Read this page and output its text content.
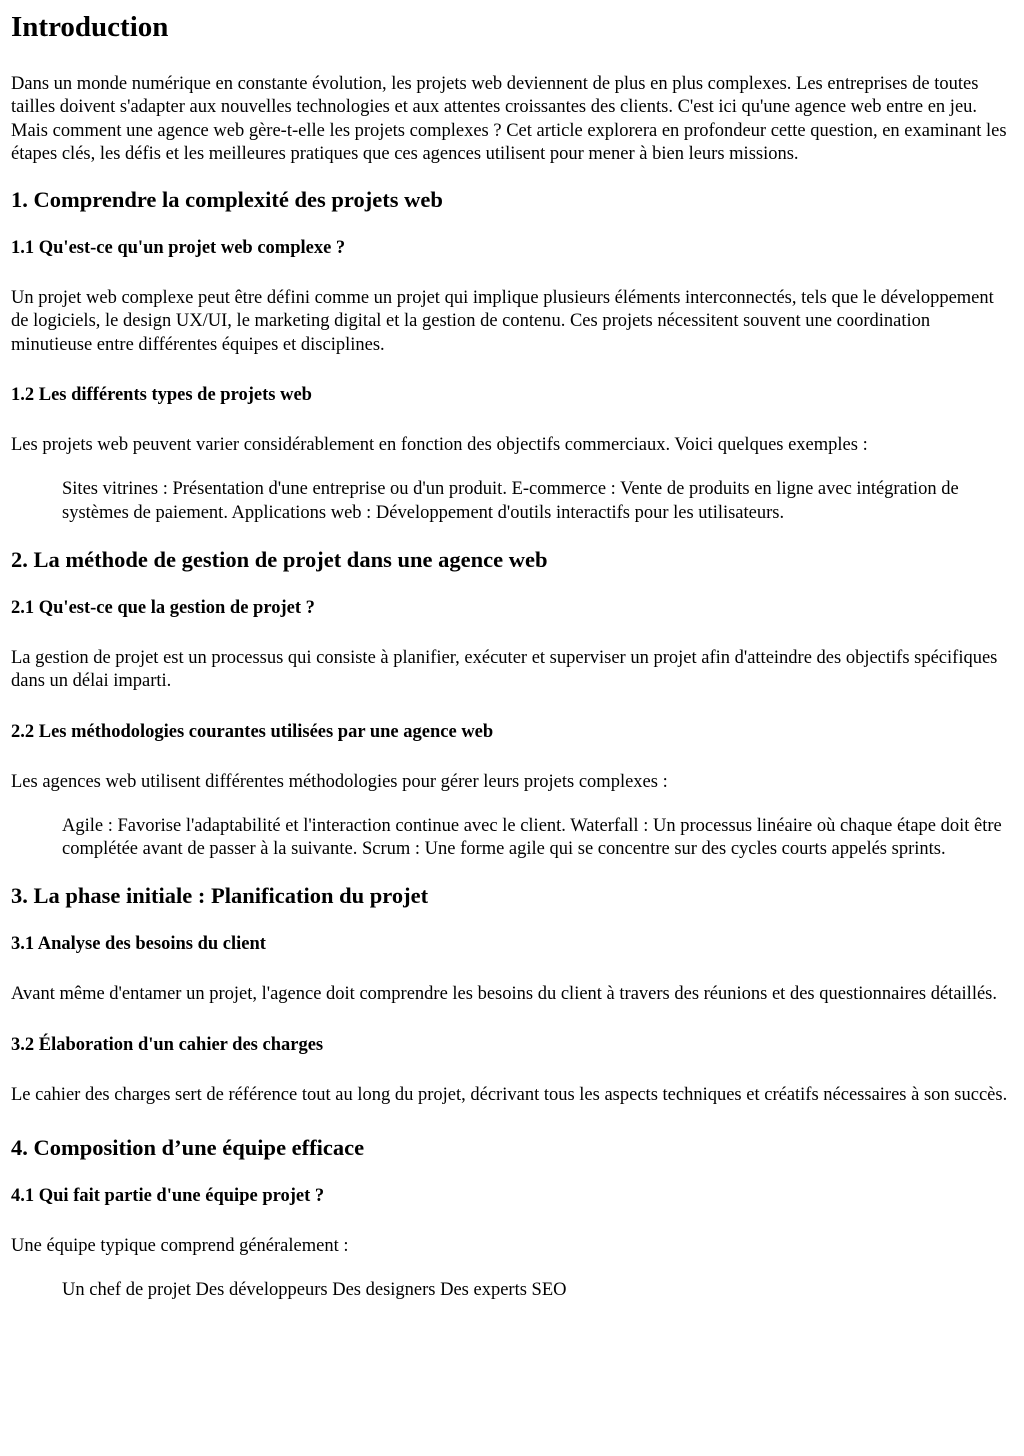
Introduction

Dans un monde numérique en constante évolution, les projets web deviennent de plus en plus complexes. Les entreprises de toutes tailles doivent s'adapter aux nouvelles technologies et aux attentes croissantes des clients. C'est ici qu'une agence web entre en jeu. Mais comment une agence web gère-t-elle les projets complexes ? Cet article explorera en profondeur cette question, en examinant les étapes clés, les défis et les meilleures pratiques que ces agences utilisent pour mener à bien leurs missions.

1. Comprendre la complexité des projets web
1.1 Qu'est-ce qu'un projet web complexe ?

Un projet web complexe peut être défini comme un projet qui implique plusieurs éléments interconnectés, tels que le développement de logiciels, le design UX/UI, le marketing digital et la gestion de contenu. Ces projets nécessitent souvent une coordination minutieuse entre différentes équipes et disciplines.

1.2 Les différents types de projets web

Les projets web peuvent varier considérablement en fonction des objectifs commerciaux. Voici quelques exemples :

Sites vitrines : Présentation d'une entreprise ou d'un produit. E-commerce : Vente de produits en ligne avec intégration de systèmes de paiement. Applications web : Développement d'outils interactifs pour les utilisateurs.
2. La méthode de gestion de projet dans une agence web
2.1 Qu'est-ce que la gestion de projet ?

La gestion de projet est un processus qui consiste à planifier, exécuter et superviser un projet afin d'atteindre des objectifs spécifiques dans un délai imparti.

2.2 Les méthodologies courantes utilisées par une agence web

Les agences web utilisent différentes méthodologies pour gérer leurs projets complexes :

Agile : Favorise l'adaptabilité et l'interaction continue avec le client. Waterfall : Un processus linéaire où chaque étape doit être complétée avant de passer à la suivante. Scrum : Une forme agile qui se concentre sur des cycles courts appelés sprints.
3. La phase initiale : Planification du projet
3.1 Analyse des besoins du client

Avant même d'entamer un projet, l'agence doit comprendre les besoins du client à travers des réunions et des questionnaires détaillés.

3.2 Élaboration d'un cahier des charges

Le cahier des charges sert de référence tout au long du projet, décrivant tous les aspects techniques et créatifs nécessaires à son succès.

4. Composition d’une équipe efficace
4.1 Qui fait partie d'une équipe projet ?

Une équipe typique comprend généralement :

Un chef de projet Des développeurs Des designers Des experts SEO
